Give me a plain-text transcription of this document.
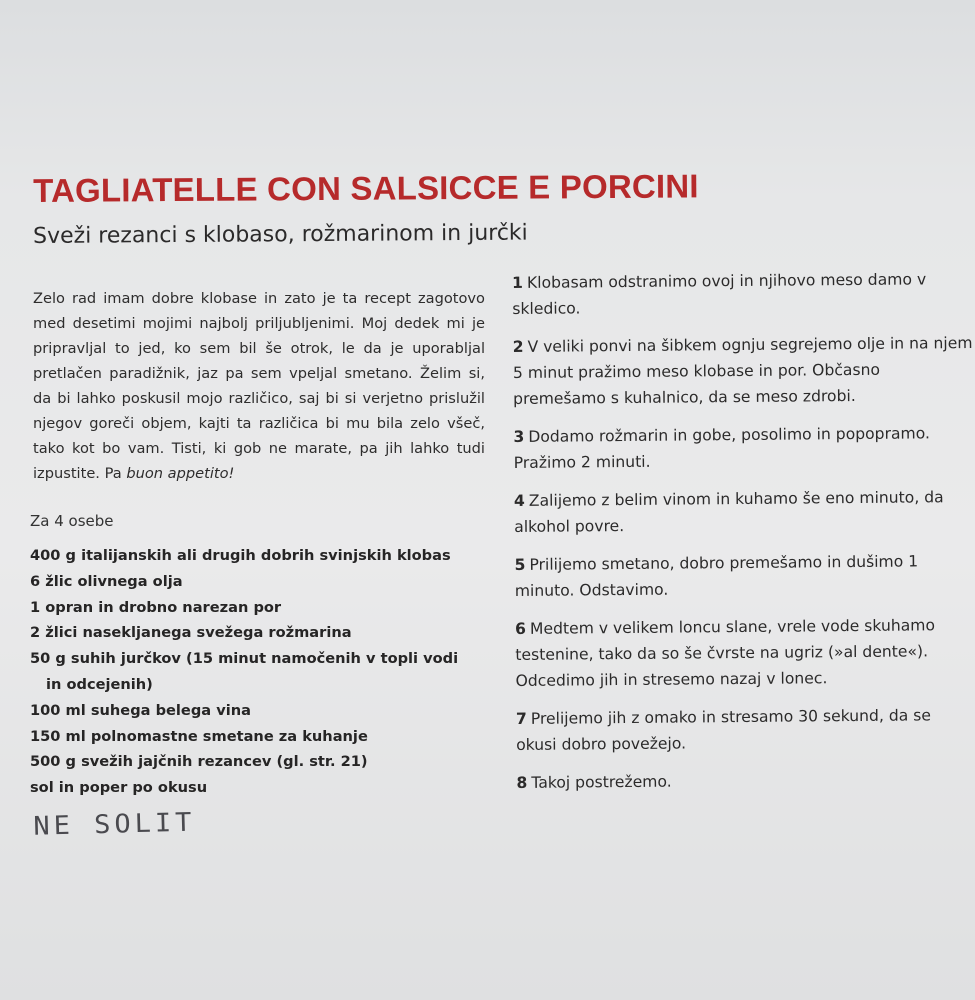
TAGLIATELLE CON SALSICCE E PORCINI
Sveži rezanci s klobaso, rožmarinom in jurčki

Zelo rad imam dobre klobase in zato je ta recept zagotovo med desetimi mojimi najbolj priljubljenimi. Moj dedek mi je pripravljal to jed, ko sem bil še otrok, le da je uporabljal pretlačen paradižnik, jaz pa sem vpeljal smetano. Želim si, da bi lahko poskusil mojo različico, saj bi si verjetno prislužil njegov goreči objem, kajti ta različica bi mu bila zelo všeč, tako kot bo vam. Tisti, ki gob ne marate, pa jih lahko tudi izpustite. Pa buon appetito!

Za 4 osebe
400 g italijanskih ali drugih dobrih svinjskih klobas
6 žlic olivnega olja
1 opran in drobno narezan por
2 žlici nasekljanega svežega rožmarina
50 g suhih jurčkov (15 minut namočenih v topli vodi in odcejenih)
100 ml suhega belega vina
150 ml polnomastne smetane za kuhanje
500 g svežih jajčnih rezancev (gl. str. 21)
sol in poper po okusu
NE SOLIT
1 Klobasam odstranimo ovoj in njihovo meso damo v skledico.
2 V veliki ponvi na šibkem ognju segrejemo olje in na njem 5 minut pražimo meso klobase in por. Občasno premešamo s kuhalnico, da se meso zdrobi.
3 Dodamo rožmarin in gobe, posolimo in popopramo. Pražimo 2 minuti.
4 Zalijemo z belim vinom in kuhamo še eno minuto, da alkohol povre.
5 Prilijemo smetano, dobro premešamo in dušimo 1 minuto. Odstavimo.
6 Medtem v velikem loncu slane, vrele vode skuhamo testenine, tako da so še čvrste na ugriz (»al dente«). Odcedimo jih in stresemo nazaj v lonec.
7 Prelijemo jih z omako in stresamo 30 sekund, da se okusi dobro povežejo.
8 Takoj postrežemo.
